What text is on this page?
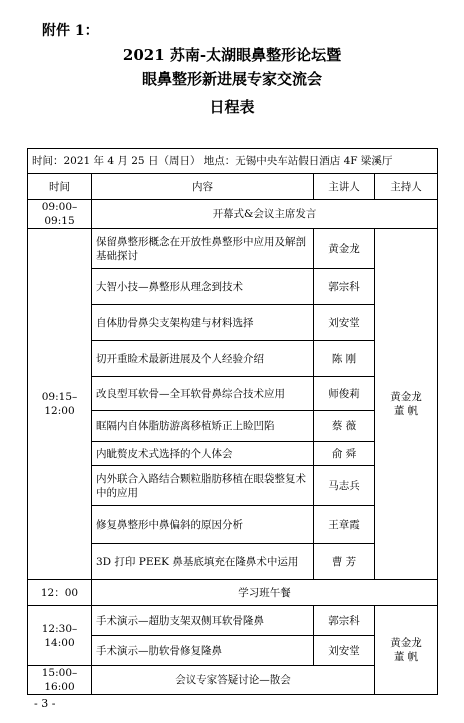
附件 1：
2021 苏南-太湖眼鼻整形论坛暨
眼鼻整形新进展专家交流会
日程表
时间：2021 年 4 月 25 日（周日） 地点：无锡中央车站假日酒店 4F 梁溪厅			
时间	内容	主讲人	主持人
09:00–09:15	开幕式&会议主席发言		
09:15–12:00	保留鼻整形概念在开放性鼻整形中应用及解剖基础探讨	黄金龙	黄金龙
董 帆

	大智小技—鼻整形从理念到技术	郭宗科	
	自体肋骨鼻尖支架构建与材料选择	刘安堂	
	切开重睑术最新进展及个人经验介绍	陈 刚	
	改良型耳软骨—全耳软骨鼻综合技术应用	师俊莉	
	眶隔内自体脂肪游离移植矫正上睑凹陷	蔡 薇	
	内眦赘皮术式选择的个人体会	俞 舜	
	内外联合入路结合颗粒脂肪移植在眼袋整复术中的应用	马志兵	
	修复鼻整形中鼻偏斜的原因分析	王章霞	
	3D 打印 PEEK 鼻基底填充在隆鼻术中运用	曹 芳	
12：00	学习班午餐		
12:30–14:00	手术演示—超肋支架双侧耳软骨隆鼻	郭宗科	黄金龙
董 帆

	手术演示—肋软骨修复隆鼻	刘安堂	
15:00–16:00	会议专家答疑讨论—散会		
- 3 -
